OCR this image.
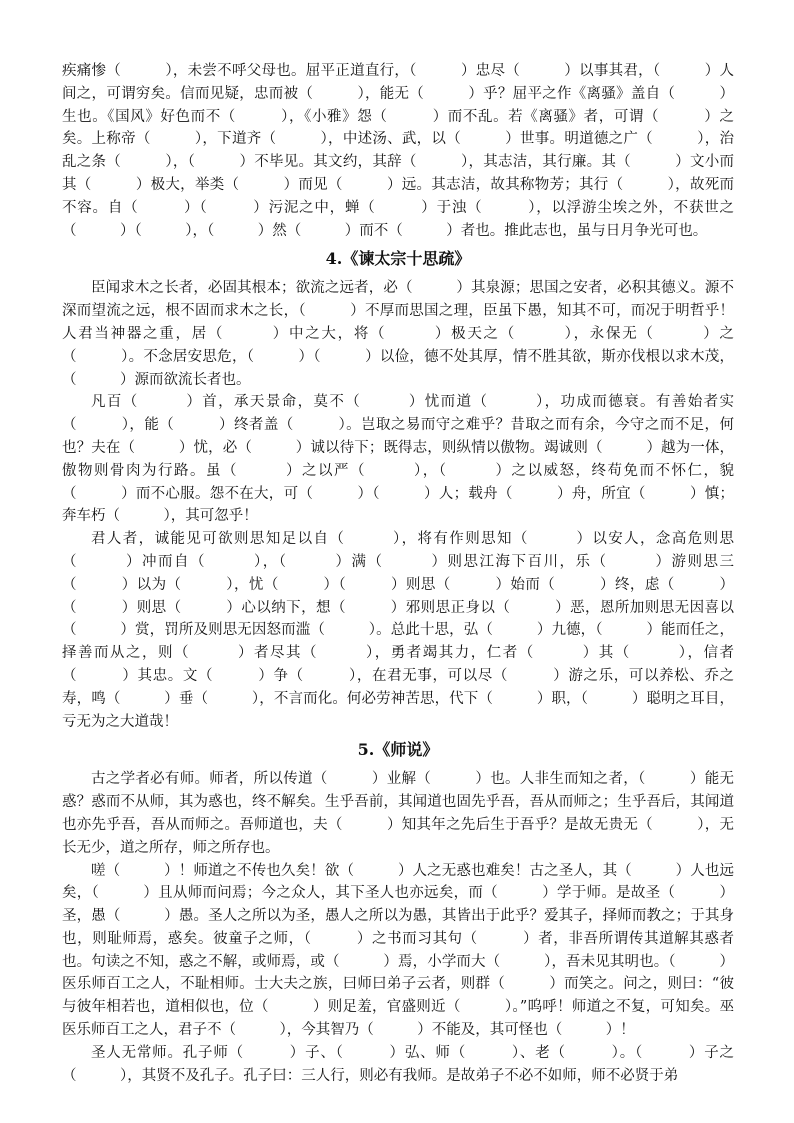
疾痛惨（　　　），未尝不呼父母也。屈平正道直行，（　　　）忠尽（　　　）以事其君，（　　　）人间之，可谓穷矣。信而见疑，忠而被（　　　），能无（　　　）乎？屈平之作《离骚》盖自（　　　）生也。《国风》好色而不（　　　），《小雅》怨（　　　）而不乱。若《离骚》者，可谓（　　　）之矣。上称帝（　　　），下道齐（　　　），中述汤、武，以（　　　）世事。明道德之广（　　　），治乱之条（　　　），（　　　）不毕见。其文约，其辞（　　　），其志洁，其行廉。其（　　　）文小而其（　　　）极大，举类（　　　）而见（　　　）远。其志洁，故其称物芳；其行（　　　），故死而不容。自（　　　）（　　　）污泥之中，蝉（　　　）于浊（　　　），以浮游尘埃之外，不获世之（　　　）（　　　），（　　　）然（　　　）而不（　　　）者也。推此志也，虽与日月争光可也。

4.《谏太宗十思疏》

臣闻求木之长者，必固其根本；欲流之远者，必（　　　）其泉源；思国之安者，必积其德义。源不深而望流之远，根不固而求木之长，（　　　）不厚而思国之理，臣虽下愚，知其不可，而况于明哲乎！人君当神器之重，居（　　　）中之大，将（　　　）极天之（　　　），永保无（　　　）之（　　　）。不念居安思危，（　　　）（　　　）以俭，德不处其厚，情不胜其欲，斯亦伐根以求木茂，（　　　）源而欲流长者也。

凡百（　　　）首，承天景命，莫不（　　　）忧而道（　　　），功成而德衰。有善始者实（　　　），能（　　　）终者盖（　　　）。岂取之易而守之难乎？昔取之而有余，今守之而不足，何也？夫在（　　　）忧，必（　　　）诚以待下；既得志，则纵情以傲物。竭诚则（　　　）越为一体，傲物则骨肉为行路。虽（　　　）之以严（　　　），（　　　）之以威怒，终苟免而不怀仁，貌（　　　）而不心服。怨不在大，可（　　　）（　　　）人；载舟（　　　）舟，所宜（　　　）慎；奔车朽（　　　），其可忽乎！

君人者，诚能见可欲则思知足以自（　　　），将有作则思知（　　　）以安人，念高危则思（　　　）冲而自（　　　），（　　　）满（　　　）则思江海下百川，乐（　　　）游则思三（　　　）以为（　　　），忧（　　　）（　　　）则思（　　　）始而（　　　）终，虑（　　　）（　　　）则思（　　　）心以纳下，想（　　　）邪则思正身以（　　　）恶，恩所加则思无因喜以（　　　）赏，罚所及则思无因怒而滥（　　　）。总此十思，弘（　　　）九德，（　　　）能而任之，择善而从之，则（　　　）者尽其（　　　），勇者竭其力，仁者（　　　）其（　　　），信者（　　　）其忠。文（　　　）争（　　　），在君无事，可以尽（　　　）游之乐，可以养松、乔之寿，鸣（　　　）垂（　　　），不言而化。何必劳神苦思，代下（　　　）职，（　　　）聪明之耳目，亏无为之大道哉！

5.《师说》

古之学者必有师。师者，所以传道（　　　）业解（　　　）也。人非生而知之者，（　　　）能无惑？惑而不从师，其为惑也，终不解矣。生乎吾前，其闻道也固先乎吾，吾从而师之；生乎吾后，其闻道也亦先乎吾，吾从而师之。吾师道也，夫（　　　）知其年之先后生于吾乎？是故无贵无（　　　），无长无少，道之所存，师之所存也。

嗟（　　　）！师道之不传也久矣！欲（　　　）人之无惑也难矣！古之圣人，其（　　　）人也远矣，（　　　）且从师而问焉；今之众人，其下圣人也亦远矣，而（　　　）学于师。是故圣（　　　）圣，愚（　　　）愚。圣人之所以为圣，愚人之所以为愚，其皆出于此乎？爱其子，择师而教之；于其身也，则耻师焉，惑矣。彼童子之师，（　　　）之书而习其句（　　　）者，非吾所谓传其道解其惑者也。句读之不知，惑之不解，或师焉，或（　　　）焉，小学而大（　　　），吾未见其明也。（　　　）医乐师百工之人，不耻相师。士大夫之族，曰师曰弟子云者，则群（　　　）而笑之。问之，则曰：“彼与彼年相若也，道相似也，位（　　　）则足羞，官盛则近（　　　）。”呜呼！师道之不复，可知矣。巫医乐师百工之人，君子不（　　　），今其智乃（　　　）不能及，其可怪也（　　　）！

圣人无常师。孔子师（　　　）子、（　　　）弘、师（　　　）、老（　　　）。（　　　）子之（　　　），其贤不及孔子。孔子曰：三人行，则必有我师。是故弟子不必不如师，师不必贤于弟
